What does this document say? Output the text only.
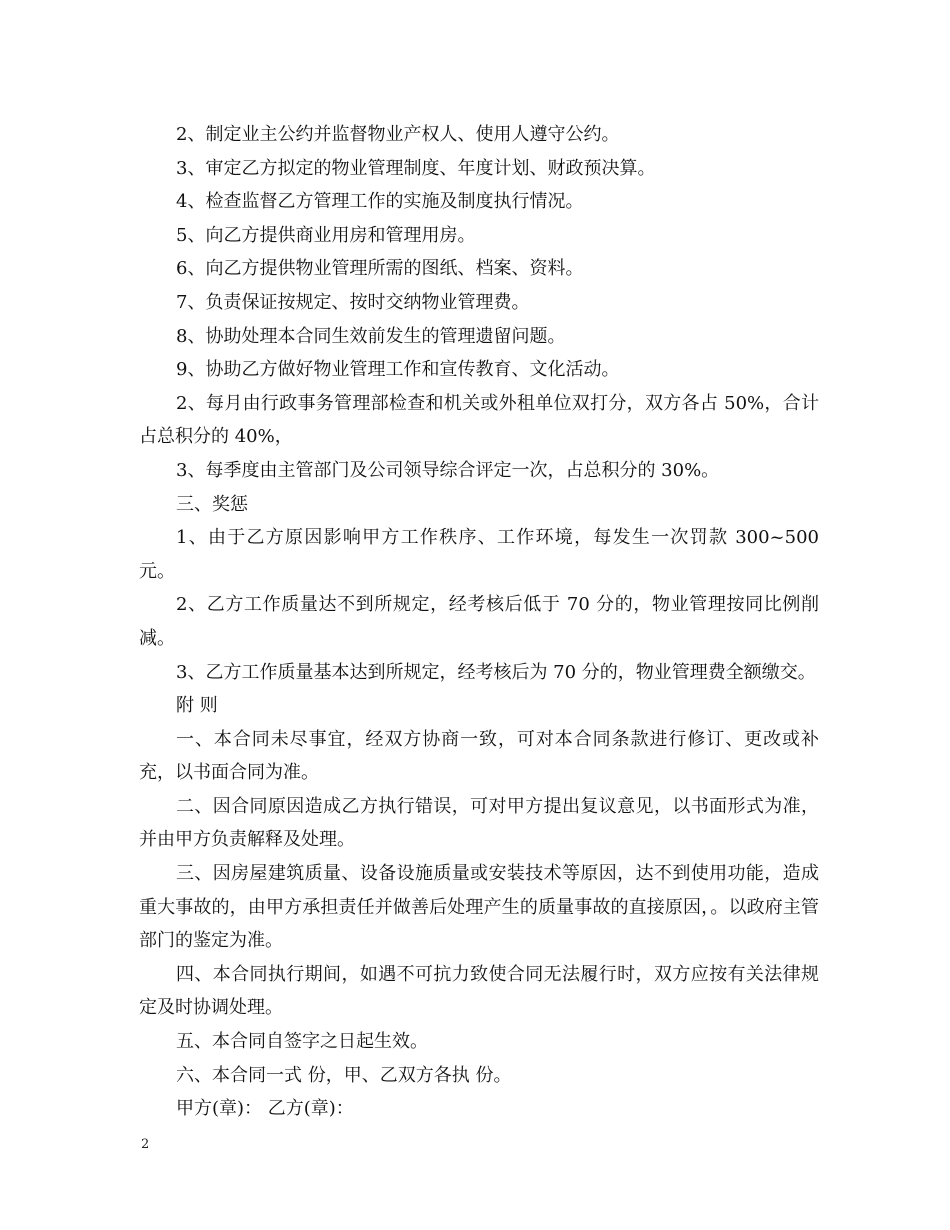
2、制定业主公约并监督物业产权人、使用人遵守公约。

3、审定乙方拟定的物业管理制度、年度计划、财政预决算。

4、检查监督乙方管理工作的实施及制度执行情况。

5、向乙方提供商业用房和管理用房。

6、向乙方提供物业管理所需的图纸、档案、资料。

7、负责保证按规定、按时交纳物业管理费。

8、协助处理本合同生效前发生的管理遗留问题。

9、协助乙方做好物业管理工作和宣传教育、文化活动。

2、每月由行政事务管理部检查和机关或外租单位双打分，双方各占 50%，合计占总积分的 40%，

3、每季度由主管部门及公司领导综合评定一次，占总积分的 30%。

三、奖惩

1、由于乙方原因影响甲方工作秩序、工作环境，每发生一次罚款 300~500 元。

2、乙方工作质量达不到所规定，经考核后低于 70 分的，物业管理按同比例削减。

3、乙方工作质量基本达到所规定，经考核后为 70 分的，物业管理费全额缴交。

附 则

一、本合同未尽事宜，经双方协商一致，可对本合同条款进行修订、更改或补充，以书面合同为准。

二、因合同原因造成乙方执行错误，可对甲方提出复议意见，以书面形式为准，并由甲方负责解释及处理。

三、因房屋建筑质量、设备设施质量或安装技术等原因，达不到使用功能，造成重大事故的，由甲方承担责任并做善后处理产生的质量事故的直接原因，。以政府主管部门的鉴定为准。

四、本合同执行期间，如遇不可抗力致使合同无法履行时，双方应按有关法律规定及时协调处理。

五、本合同自签字之日起生效。

六、本合同一式 份，甲、乙双方各执 份。

甲方(章)： 乙方(章)：

2
